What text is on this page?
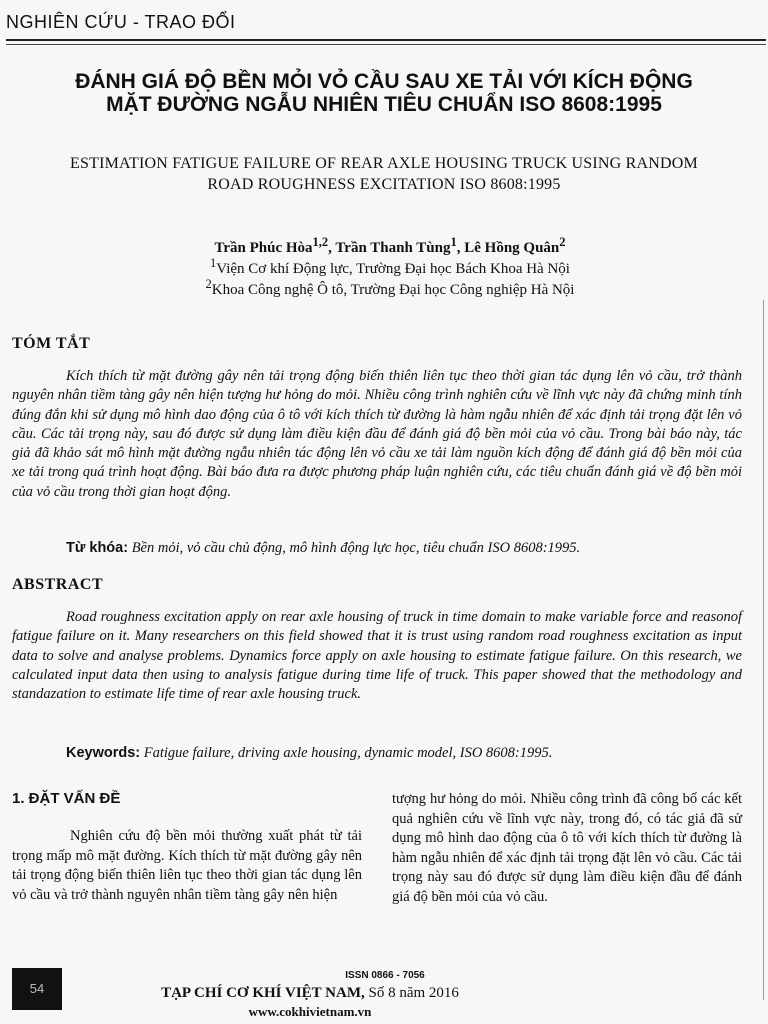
NGHIÊN CỨU - TRAO ĐỔI
ĐÁNH GIÁ ĐỘ BỀN MỎI VỎ CẦU SAU XE TẢI VỚI KÍCH ĐỘNG
MẶT ĐƯỜNG NGẪU NHIÊN TIÊU CHUẨN ISO 8608:1995
ESTIMATION FATIGUE FAILURE OF REAR AXLE HOUSING TRUCK USING RANDOM
ROAD ROUGHNESS EXCITATION ISO 8608:1995
Trần Phúc Hòa$^{1,2}$, Trần Thanh Tùng$^1$, Lê Hồng Quân$^2$
$^1$Viện Cơ khí Động lực, Trường Đại học Bách Khoa Hà Nội
$^2$Khoa Công nghệ Ô tô, Trường Đại học Công nghiệp Hà Nội
TÓM TẮT
Kích thích từ mặt đường gây nên tải trọng động biến thiên liên tục theo thời gian tác dụng lên vỏ cầu, trở thành nguyên nhân tiềm tàng gây nên hiện tượng hư hỏng do mỏi. Nhiều công trình nghiên cứu về lĩnh vực này đã chứng minh tính đúng đắn khi sử dụng mô hình dao động của ô tô với kích thích từ đường là hàm ngẫu nhiên để xác định tải trọng đặt lên vỏ cầu. Các tải trọng này, sau đó được sử dụng làm điều kiện đầu để đánh giá độ bền mỏi của vỏ cầu. Trong bài báo này, tác giả đã khảo sát mô hình mặt đường ngẫu nhiên tác động lên vỏ cầu xe tải làm nguồn kích động để đánh giá độ bền mỏi của xe tải trong quá trình hoạt động. Bài báo đưa ra được phương pháp luận nghiên cứu, các tiêu chuẩn đánh giá về độ bền mỏi của vỏ cầu trong thời gian hoạt động.
Từ khóa: Bền mỏi, vỏ cầu chủ động, mô hình động lực học, tiêu chuẩn ISO 8608:1995.
ABSTRACT
Road roughness excitation apply on rear axle housing of truck in time domain to make variable force and reasonof fatigue failure on it. Many researchers on this field showed that it is trust using random road roughness excitation as input data to solve and analyse problems. Dynamics force apply on axle housing to estimate fatigue failure. On this research, we calculated input data then using to analysis fatigue during time life of truck. This paper showed that the methodology and standazation to estimate life time of rear axle housing truck.
Keywords: Fatigue failure, driving axle housing, dynamic model, ISO 8608:1995.
1. ĐẶT VẤN ĐỀ
Nghiên cứu độ bền mỏi thường xuất phát từ tải trọng mấp mô mặt đường. Kích thích từ mặt đường gây nên tải trọng động biến thiên liên tục theo thời gian tác dụng lên vỏ cầu và trở thành nguyên nhân tiềm tàng gây nên hiện
tượng hư hỏng do mỏi. Nhiều công trình đã công bố các kết quả nghiên cứu về lĩnh vực này, trong đó, có tác giả đã sử dụng mô hình dao động của ô tô với kích thích từ đường là hàm ngẫu nhiên để xác định tải trọng đặt lên vỏ cầu. Các tải trọng này sau đó được sử dụng làm điều kiện đầu để đánh giá độ bền mỏi của vỏ cầu.
54
ISSN 0866 - 7056
TẠP CHÍ CƠ KHÍ VIỆT NAM, Số 8 năm 2016
www.cokhivietnam.vn
